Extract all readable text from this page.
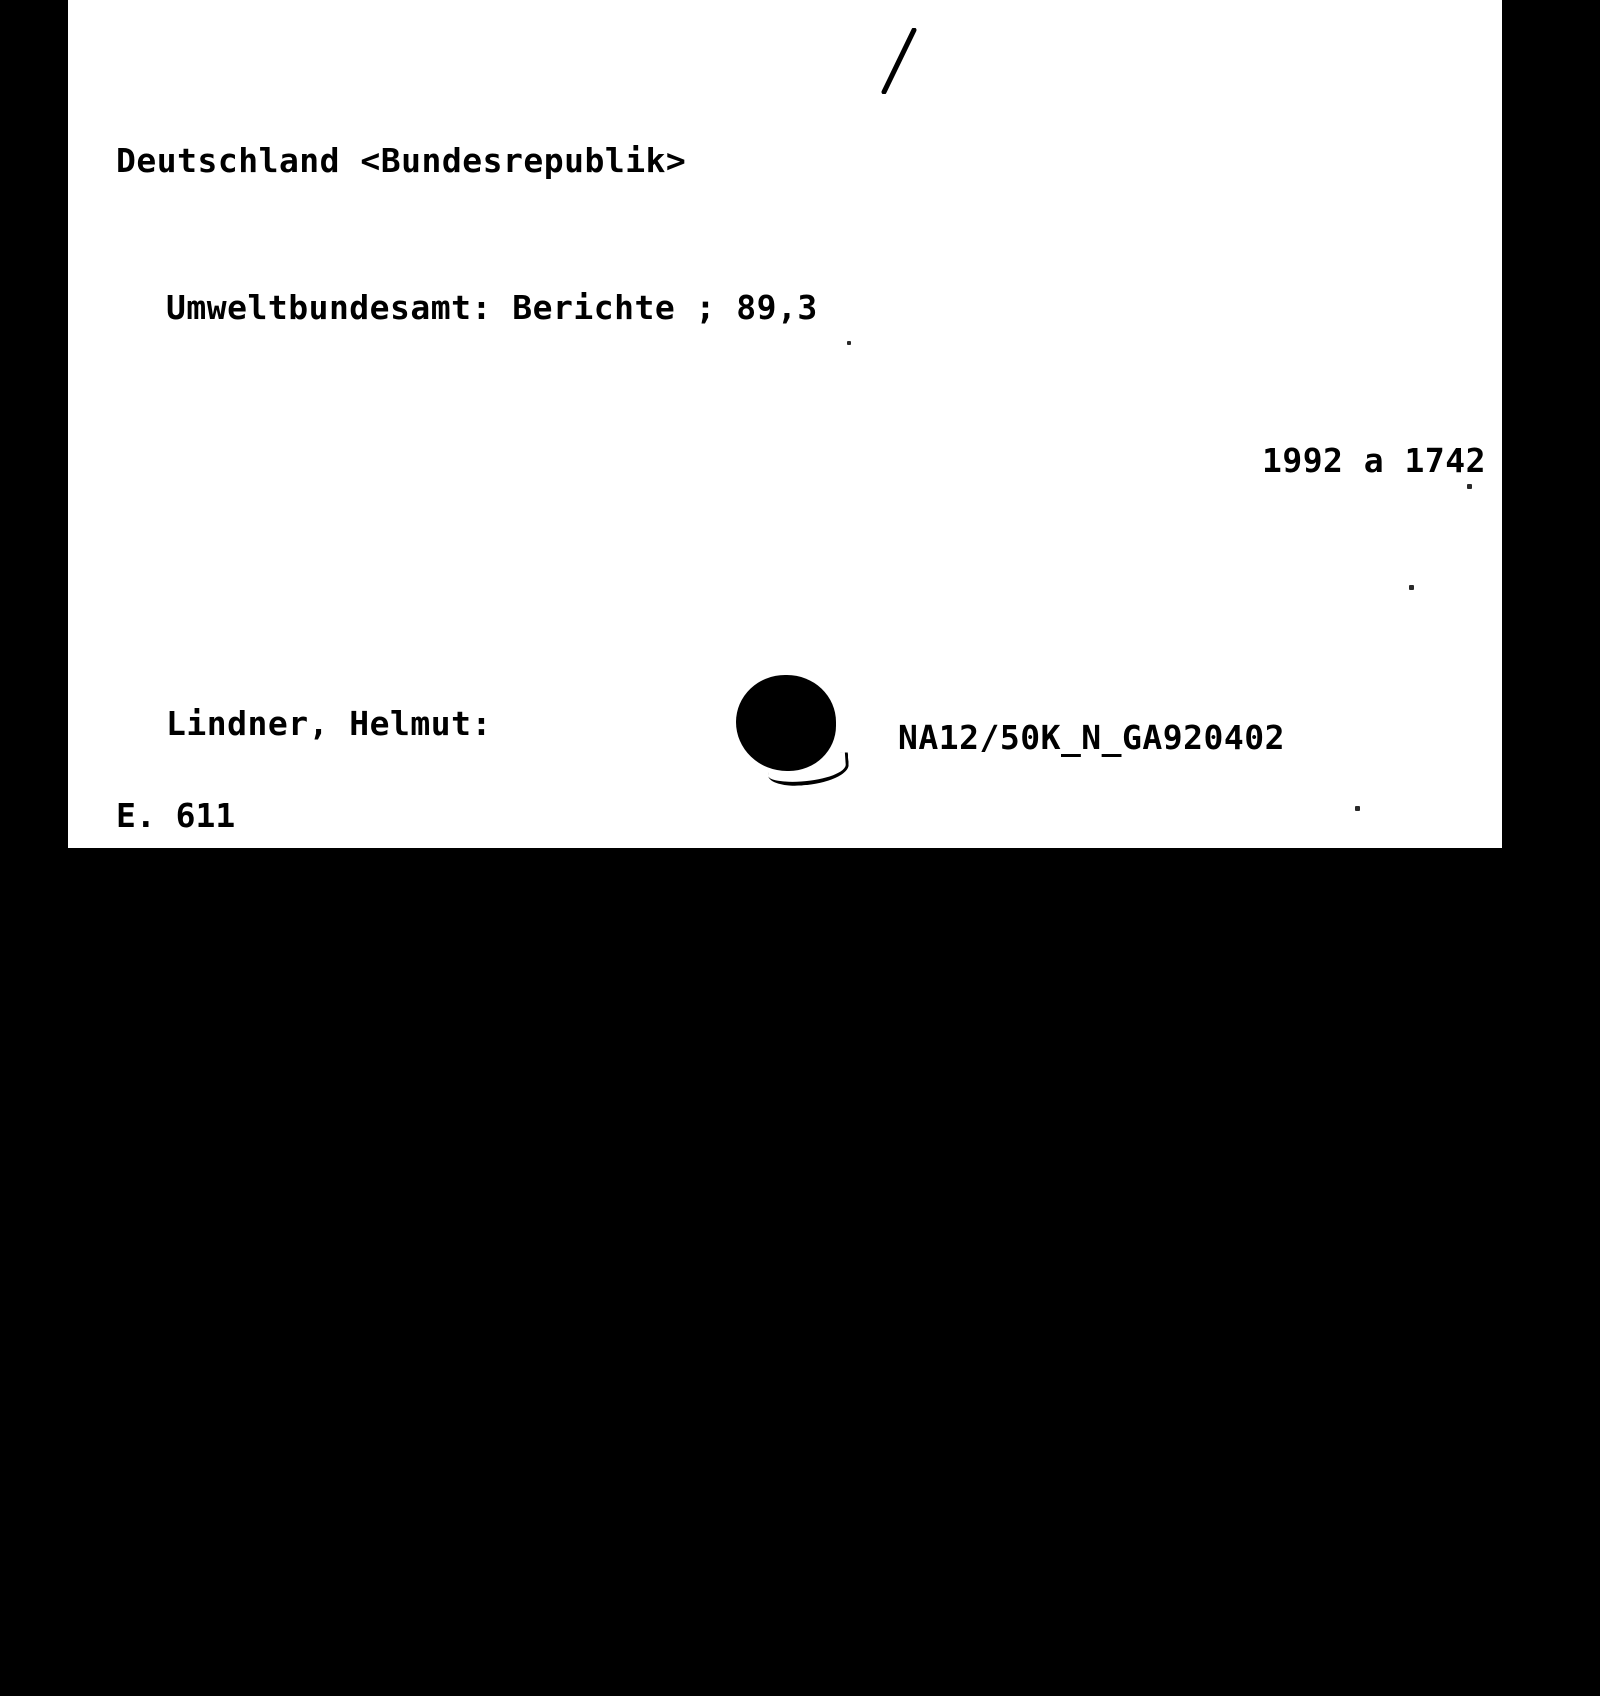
Deutschland <Bundesrepublik>

Umweltbundesamt: Berichte ; 89,3

1992 a 1742

Lindner, Helmut:

Arbeitsbeschaffungsmaßnahmen im Umweltbereich :

Forschungsbericht 10103094 / von Helmut Lindner ;

Yvonne Jäckle-Sönmez.

Berlin : E. Schmidt, 1989. - XX, 328, 73 S. ; 24 cm

(Berichte / Umweltbundesamt ; 89,3)

ISBN 3-503-02799-8

E. 611

O. 121.3

O. 183

NA12/50K_N_GA920402
